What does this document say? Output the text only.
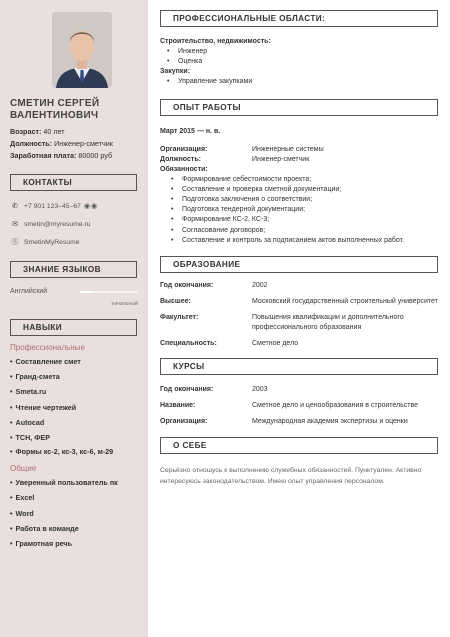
СМЕТИН СЕРГЕЙ ВАЛЕНТИНОВИЧ
Возраст: 40 лет
Должность: Инженер-сметчик
Заработная плата: 80000 руб
КОНТАКТЫ
✆ +7 901 123–45–67 ◉ ◉
✉ smetin@myresume.ru
Ⓢ SmetinMyResume
ЗНАНИЕ ЯЗЫКОВ
Английский
начальный
НАВЫКИ
Профессиональные
• Составление смет
• Гранд-смета
• Smeta.ru
• Чтение чертежей
• Autocad
• ТСН, ФЕР
• Формы кс-2, кс-3, кс-6, м-29
Общие
• Уверенный пользователь пк
• Excel
• Word
• Работа в команде
• Грамотная речь
ПРОФЕССИОНАЛЬНЫЕ ОБЛАСТИ:
Строительство, недвижимость:
• Инженер
• Оценка
Закупки:
• Управление закупками
ОПЫТ РАБОТЫ
Март 2015 — н. в.
Организация:	Инженерные системы
Должность:	Инженер-сметчик
Обязанности:
• Формирование себестоимости проекта;
• Составление и проверка сметной документации;
• Подготовка заключения о соответствии;
• Подготовка тендерной документации;
• Формирование КС-2, КС-3;
• Согласование договоров;
• Составление и контроль за подписанием актов выполненных работ.
ОБРАЗОВАНИЕ
Год окончания:	2002
Высшее:	Московский государственный строительный университет
Факультет:	Повышения квалификации и дополнительного профессионального образования
Специальность:	Сметное дело
КУРСЫ
Год окончания:	2003
Название:	Сметное дело и ценообразования в строительстве
Организация:	Международная академия экспертизы и оценки
О СЕБЕ
Серьёзно отношусь к выполнению служебных обязанностей. Пунктуален. Активно интересуюсь законодательством. Имею опыт управления персоналом.
